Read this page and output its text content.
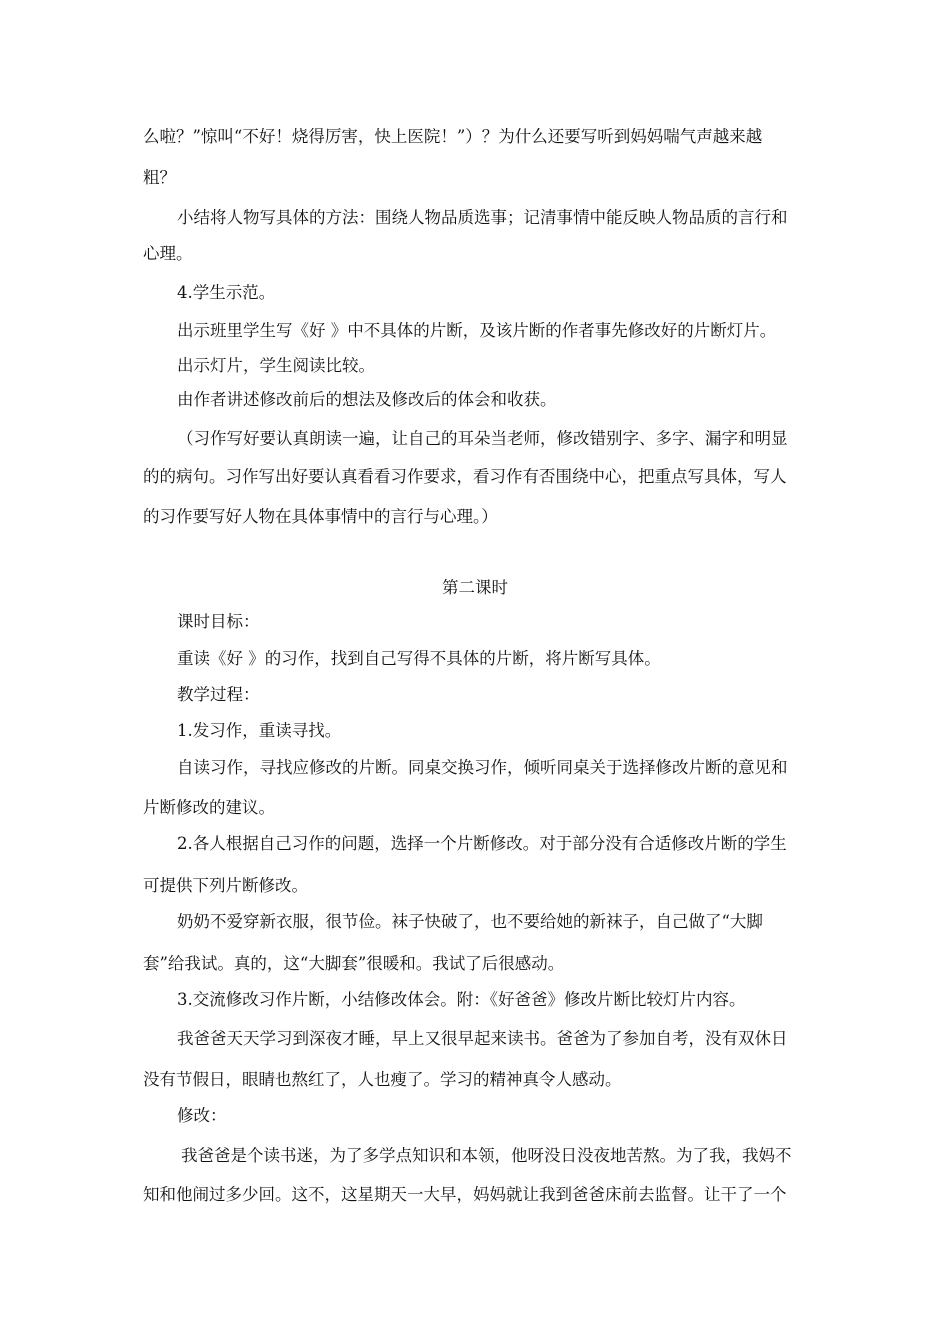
么啦？”惊叫“不好！烧得厉害，快上医院！”）？为什么还要写听到妈妈喘气声越来越
粗？
小结将人物写具体的方法：围绕人物品质选事；记清事情中能反映人物品质的言行和
心理。
4.学生示范。
出示班里学生写《好 》中不具体的片断，及该片断的作者事先修改好的片断灯片。
出示灯片，学生阅读比较。
由作者讲述修改前后的想法及修改后的体会和收获。
（习作写好要认真朗读一遍，让自己的耳朵当老师，修改错别字、多字、漏字和明显
的的病句。习作写出好要认真看看习作要求，看习作有否围绕中心，把重点写具体，写人
的习作要写好人物在具体事情中的言行与心理。）
第二课时
课时目标：
重读《好 》的习作，找到自己写得不具体的片断，将片断写具体。
教学过程：
1.发习作，重读寻找。
自读习作，寻找应修改的片断。同桌交换习作，倾听同桌关于选择修改片断的意见和
片断修改的建议。
2.各人根据自己习作的问题，选择一个片断修改。对于部分没有合适修改片断的学生
可提供下列片断修改。
奶奶不爱穿新衣服，很节俭。袜子快破了，也不要给她的新袜子，自己做了“大脚
套”给我试。真的，这“大脚套”很暖和。我试了后很感动。
3.交流修改习作片断，小结修改体会。附：《好爸爸》修改片断比较灯片内容。
我爸爸天天学习到深夜才睡，早上又很早起来读书。爸爸为了参加自考，没有双休日
没有节假日，眼睛也熬红了，人也瘦了。学习的精神真令人感动。
修改：
我爸爸是个读书迷，为了多学点知识和本领，他呀没日没夜地苦熬。为了我，我妈不
知和他闹过多少回。这不，这星期天一大早，妈妈就让我到爸爸床前去监督。让干了一个
